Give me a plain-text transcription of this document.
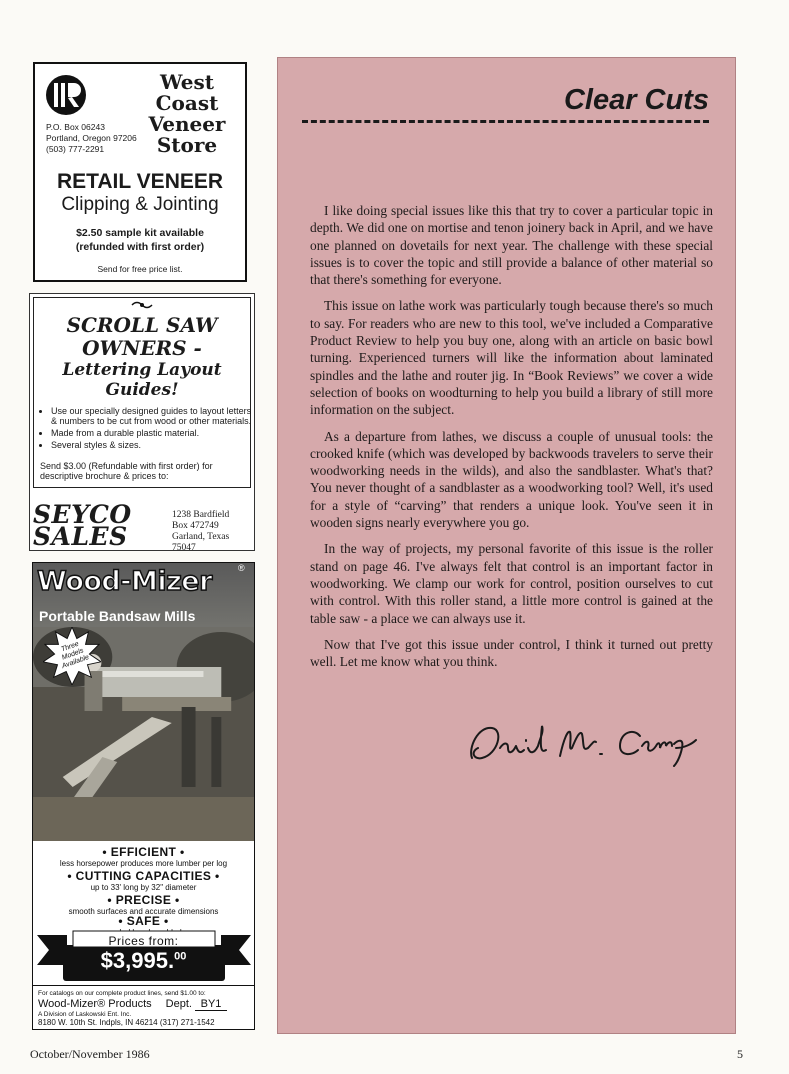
West
Coast
Veneer
Store
P.O. Box 06243
Portland, Oregon 97206
(503) 777-2291
RETAIL VENEER
Clipping & Jointing
$2.50 sample kit available
(refunded with first order)
Send for free price list.
SCROLL SAW
OWNERS -
Lettering Layout
Guides!
• Use our specially designed guides to layout letters & numbers to be cut from wood or other materials.
• Made from a durable plastic material.
• Several styles & sizes.
Send $3.00 (Refundable with first order) for descriptive brochure & prices to:
SEYCO
SALES
1238 Bardfield
Box 472749
Garland, Texas 75047
Wood-Mizer	®
Portable Bandsaw Mills
Three Models Available
• EFFICIENT •
less horsepower produces more lumber per log
• CUTTING CAPACITIES •
up to 33' long by 32" diameter
• PRECISE •
smooth surfaces and accurate dimensions
• SAFE •
Prices from:
$3,995.00
For catalogs on our complete product lines, send $1.00 to:
Wood-Mizer® Products Dept. BY1
A Division of Laskowski Ent. Inc.
8180 W. 10th St. Indpls, IN 46214 (317) 271-1542
Clear Cuts

I like doing special issues like this that try to cover a particular topic in depth. We did one on mortise and tenon joinery back in April, and we have one planned on dovetails for next year. The challenge with these special issues is to cover the topic and still provide a balance of other material so that there's something for everyone.

This issue on lathe work was particularly tough because there's so much to say. For readers who are new to this tool, we've included a Comparative Product Review to help you buy one, along with an article on basic bowl turning. Experienced turners will like the information about laminated spindles and the lathe and router jig. In “Book Reviews” we cover a wide selection of books on woodturning to help you build a library of still more information on the subject.

As a departure from lathes, we discuss a couple of unusual tools: the crooked knife (which was developed by backwoods travelers to serve their woodworking needs in the wilds), and also the sandblaster. What's that? You never thought of a sandblaster as a woodworking tool? Well, it's used for a style of “carving” that renders a unique look. You've seen it in wooden signs nearly everywhere you go.

In the way of projects, my personal favorite of this issue is the roller stand on page 46. I've always felt that control is an important factor in woodworking. We clamp our work for control, position ourselves to cut with control. With this roller stand, a little more control is gained at the table saw - a place we can always use it.

Now that I've got this issue under control, I think it turned out pretty well. Let me know what you think.

October/November 1986	5
